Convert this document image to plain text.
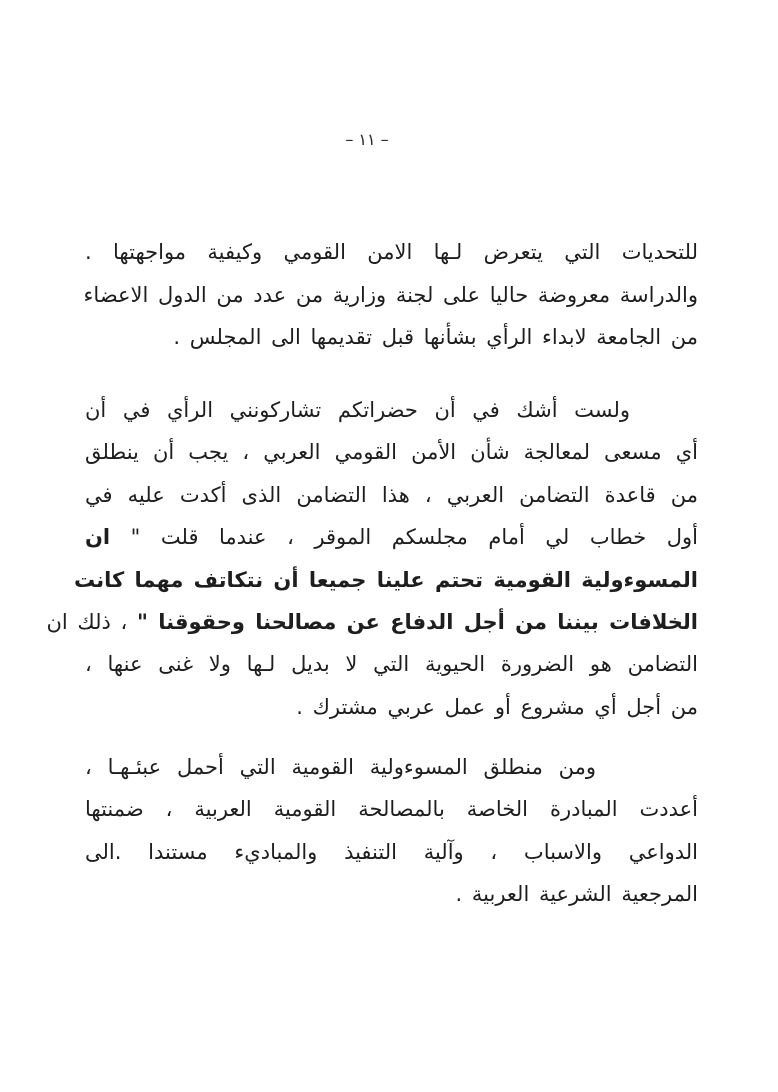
– ١١ –
للتحديات التي يتعرض لـها الامن القومي وكيفية مواجهتها .
والدراسة معروضة حاليا على لجنة وزارية من عدد من الدول الاعضاء
من الجامعة لابداء الرأي بشأنها قبل تقديمها الى المجلس .
ولست أشك في أن حضراتكم تشاركونني الرأي في أن
أي مسعى لمعالجة شأن الأمن القومي العربي ، يجب أن ينطلق
من قاعدة التضامن العربي ، هذا التضامن الذى أكدت عليه في
أول خطاب لي أمام مجلسكم الموقر ، عندما قلت " ان
المسوءولية القومية تحتم علينا جميعا أن نتكاتف مهما كانت
الخلافات بيننا من أجل الدفاع عن مصالحنا وحقوقنا " ، ذلك ان
التضامن هو الضرورة الحيوية التي لا بديل لـها ولا غنى عنها ،
من أجل أي مشروع أو عمل عربي مشترك .
ومن منطلق المسوءولية القومية التي أحمل عبئـهـا ،
أعددت المبادرة الخاصة بالمصالحة القومية العربية ، ضمنتها
الدواعي والاسباب ، وآلية التنفيذ والمباديء مستندا .الى
المرجعية الشرعية العربية .
